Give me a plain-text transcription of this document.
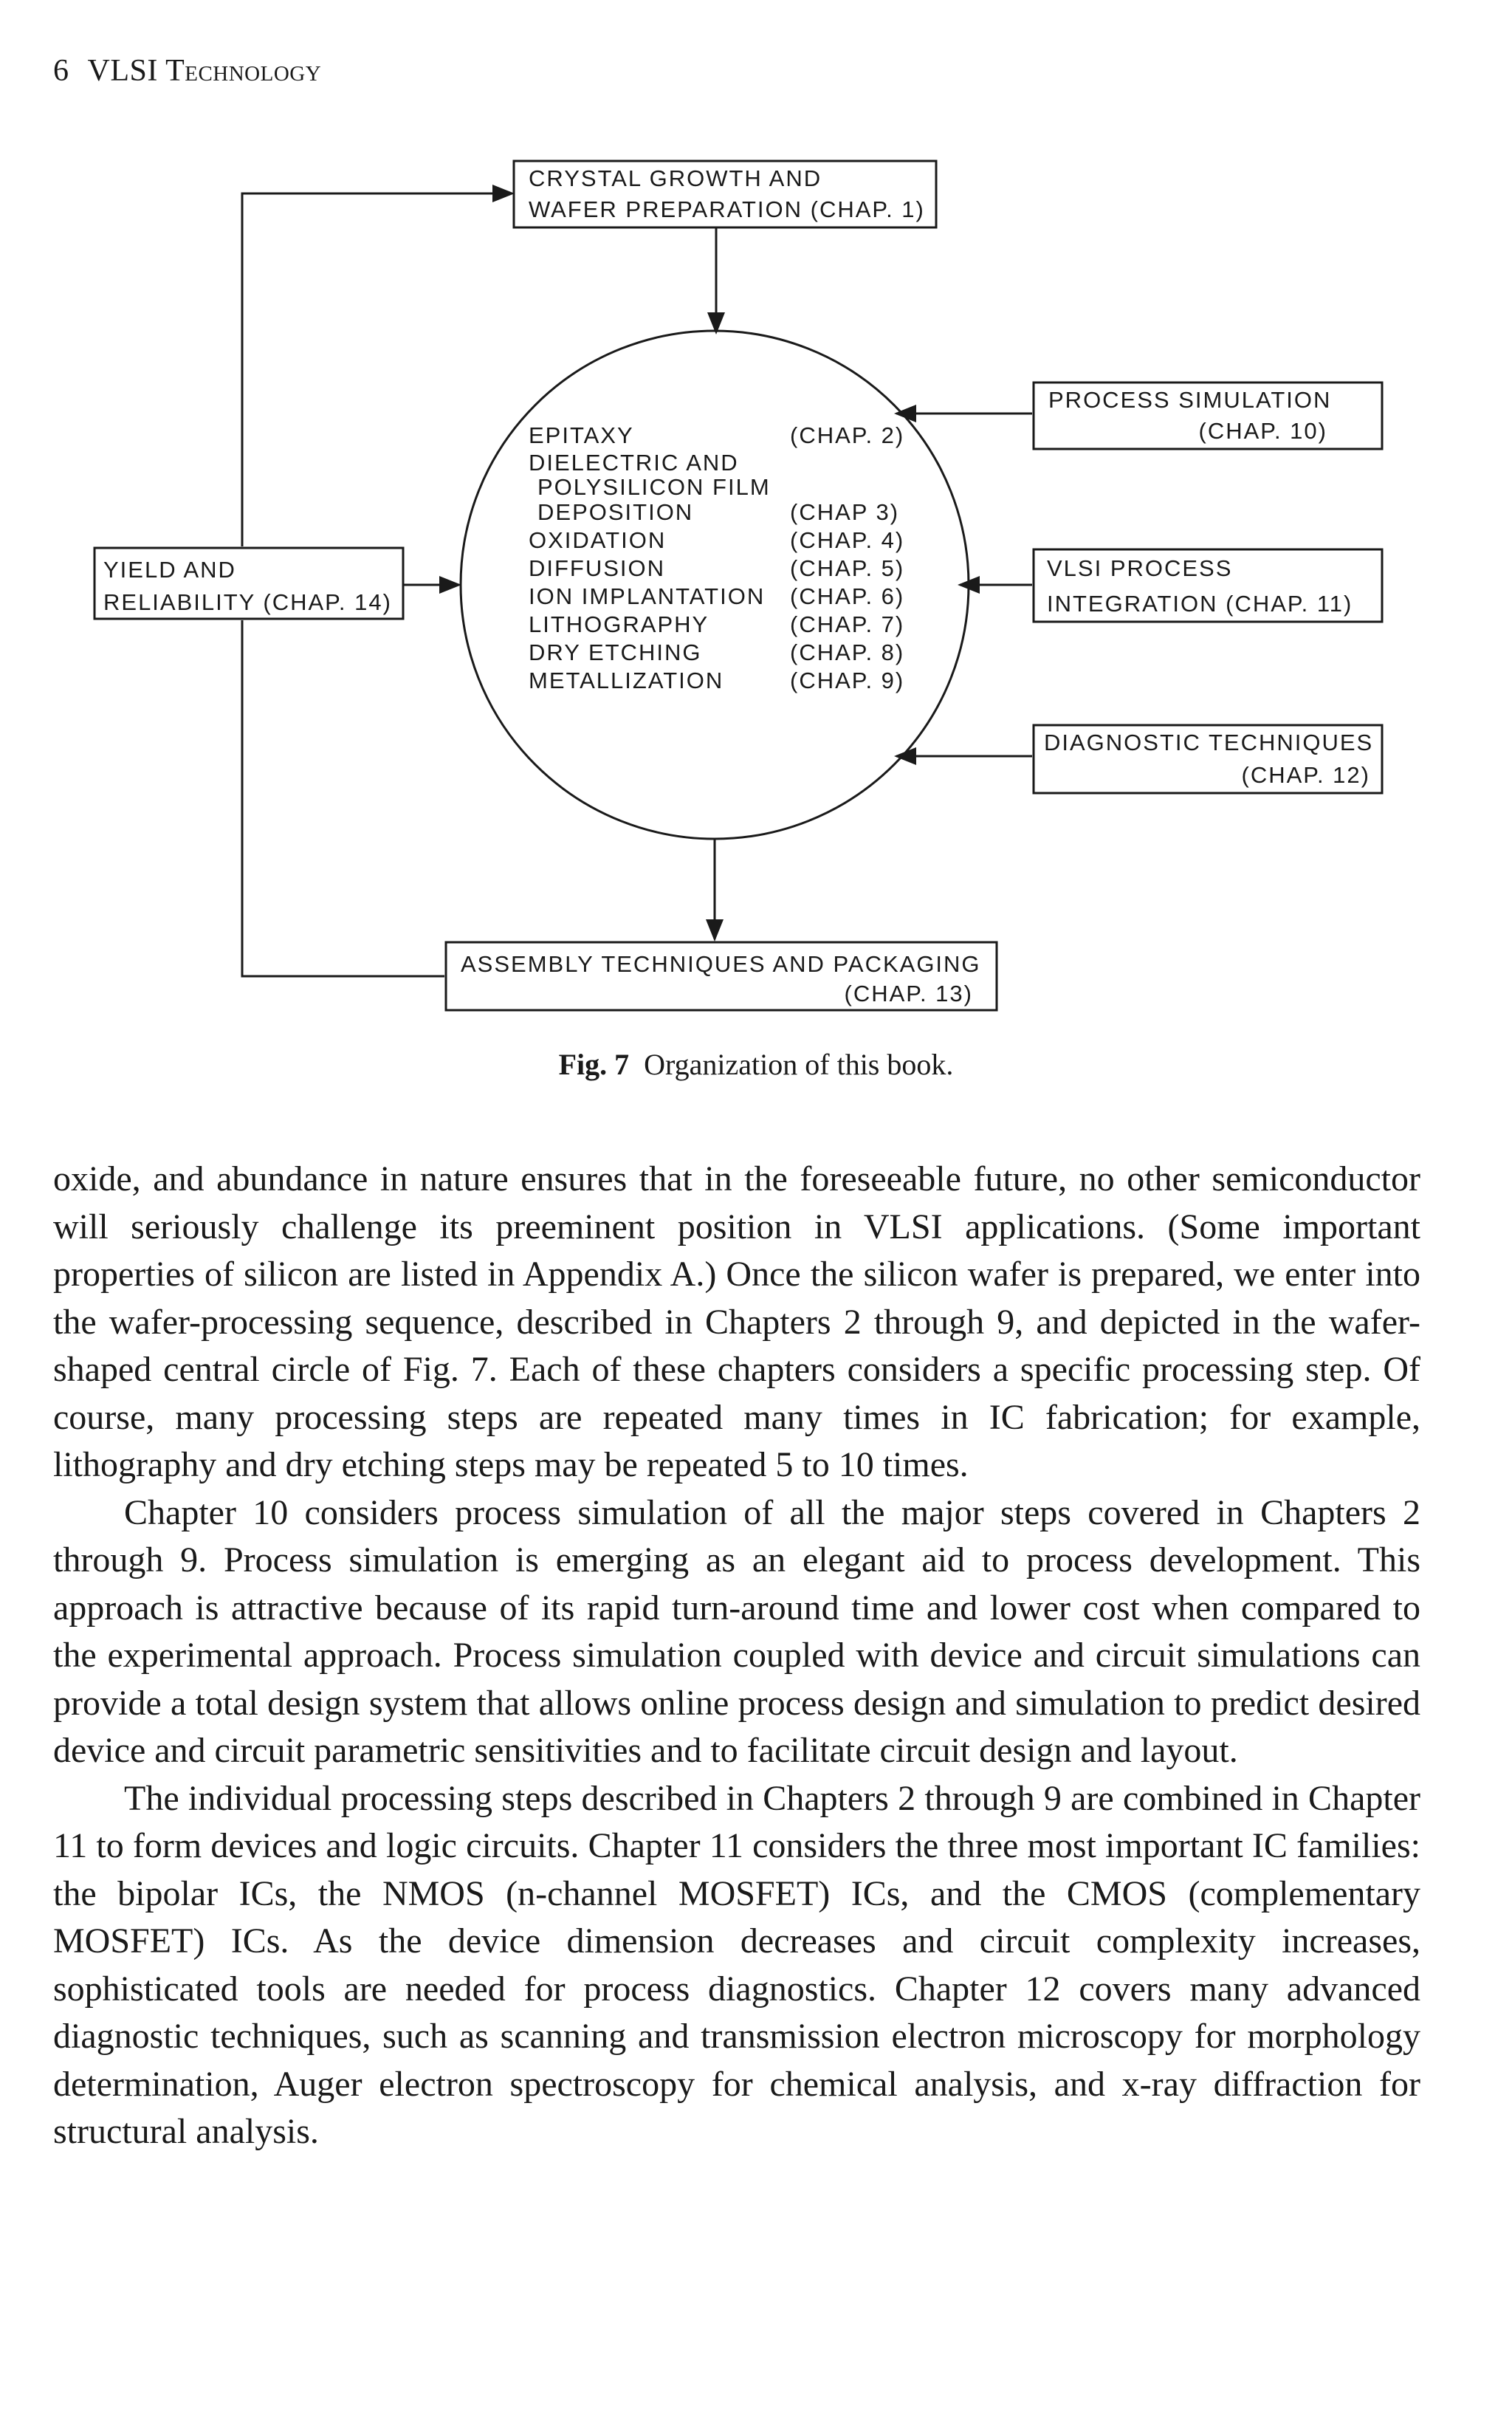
6 VLSI Technology
CRYSTAL GROWTH AND
WAFER PREPARATION (CHAP. 1)
YIELD AND
RELIABILITY (CHAP. 14)
PROCESS SIMULATION
(CHAP. 10)
VLSI PROCESS
INTEGRATION (CHAP. 11)
DIAGNOSTIC TECHNIQUES
(CHAP. 12)
ASSEMBLY TECHNIQUES AND PACKAGING
(CHAP. 13)
EPITAXY	(CHAP. 2)
DIELECTRIC AND
POLYSILICON FILM
DEPOSITION	(CHAP 3)
OXIDATION	(CHAP. 4)
DIFFUSION	(CHAP. 5)
ION IMPLANTATION (CHAP. 6)
LITHOGRAPHY	(CHAP. 7)
DRY ETCHING	(CHAP. 8)
METALLIZATION	(CHAP. 9)
Fig. 7 Organization of this book.

oxide, and abundance in nature ensures that in the foreseeable future, no other semiconductor will seriously challenge its preeminent position in VLSI applications. (Some important properties of silicon are listed in Appendix A.) Once the silicon wafer is prepared, we enter into the wafer-processing sequence, described in Chapters 2 through 9, and depicted in the wafer-shaped central circle of Fig. 7. Each of these chapters considers a specific processing step. Of course, many processing steps are repeated many times in IC fabrication; for example, lithography and dry etching steps may be repeated 5 to 10 times.

Chapter 10 considers process simulation of all the major steps covered in Chapters 2 through 9. Process simulation is emerging as an elegant aid to process development. This approach is attractive because of its rapid turn-around time and lower cost when compared to the experimental approach. Process simulation coupled with device and circuit simulations can provide a total design system that allows online process design and simulation to predict desired device and circuit parametric sensitivities and to facilitate circuit design and layout.

The individual processing steps described in Chapters 2 through 9 are combined in Chapter 11 to form devices and logic circuits. Chapter 11 considers the three most important IC families: the bipolar ICs, the NMOS (n-channel MOSFET) ICs, and the CMOS (complementary MOSFET) ICs. As the device dimension decreases and circuit complexity increases, sophisticated tools are needed for process diagnostics. Chapter 12 covers many advanced diagnostic techniques, such as scanning and transmission electron microscopy for morphology determination, Auger electron spectroscopy for chemical analysis, and x-ray diffraction for structural analysis.
